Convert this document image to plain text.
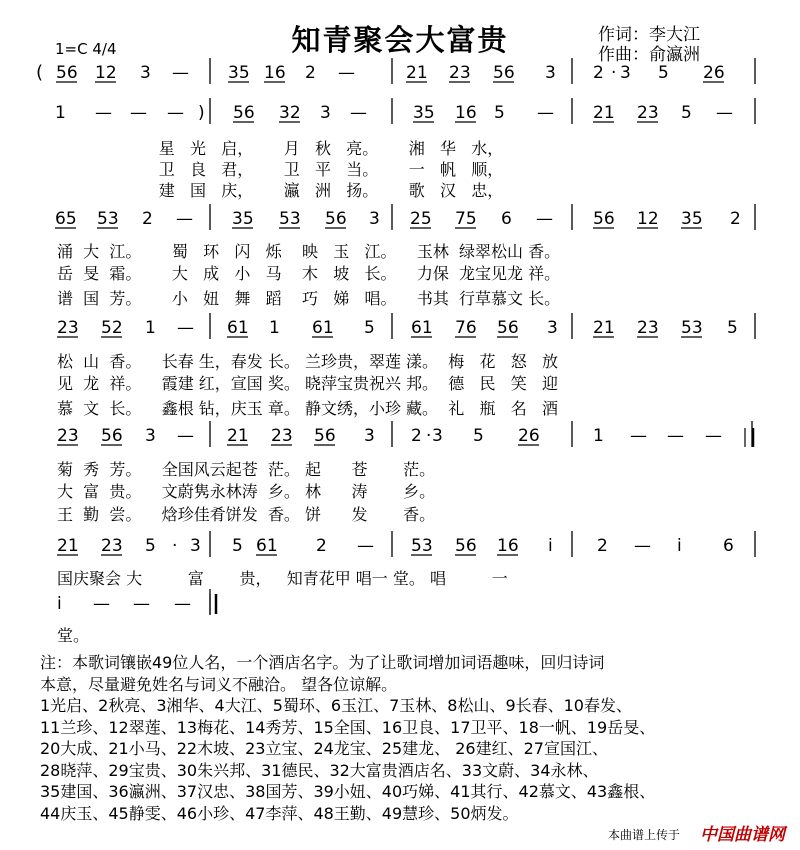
知青聚会大富贵	作词：李大江
作曲：俞瀛洲
1=C 4/4
( 56 12 3 — 35 16 2 —	21 23 56 3 2 · 3 5 26
1 — — — ) 56 32 3 —	35 16 5 — 21 23 5 —
65 53 2 — 35 53 56 3 25 75 6 — 56 12 35 2
23 52 1 — 61 1 61 5 61 76 56 3 21 23 53 5
23 56 3 — 21 23 56 3 2 · 3 5 26	1 — — —
21 23 5 · 3 5 61 2 — 53 56 16 i	2 — i 6
i — — —
星   光   启，      月   秋   亮。      湘   华   水，
卫   良   君，      卫   平   当。      一   帆   顺，
建   国   庆，      瀛   洲   扬。      歌   汉   忠，
涌  大  江。      蜀   环   闪   烁    映   玉   江。    玉林  绿翠松山 香。
岳  旻  霜。      大   成   小   马    木   坡   长。    力保  龙宝见龙 祥。
谱  国  芳。      小   妞   舞   蹈    巧   娣   唱。    书其  行草慕文 长。
松  山  香。    长春 生，春发 长。 兰珍贵，翠莲 漾。  梅   花   怒   放
见  龙  祥。    霞建 红，宣国 奖。 晓萍宝贵祝兴 邦。  德   民   笑   迎
慕  文  长。    鑫根 钻，庆玉 章。 静文绣，小珍 藏。  礼   瓶   名   酒
菊  秀  芳。    全国风云起苍  茫。 起      苍       茫。
大  富  贵。    文蔚隽永林涛  乡。 林      涛       乡。
王  勤  尝。    焓珍佳肴饼发  香。 饼      发       香。
国庆聚会 大         富       贵，   知青花甲 唱一 堂。 唱         一
堂。
注：本歌词镶嵌49位人名，一个酒店名字。为了让歌词增加词语趣味，回归诗词
本意，尽量避免姓名与词义不融洽。 望各位谅解。
1光启、2秋亮、3湘华、4大江、5蜀环、6玉江、7玉林、8松山、9长春、10春发、
11兰珍、12翠莲、13梅花、14秀芳、15全国、16卫良、17卫平、18一帆、19岳旻、
20大成、21小马、22木坡、23立宝、24龙宝、25建龙、 26建红、27宣国江、
28晓萍、29宝贵、30朱兴邦、31德民、32大富贵酒店名、33文蔚、34永林、
35建国、36瀛洲、37汉忠、38国芳、39小妞、40巧娣、41其行、42慕文、43鑫根、
44庆玉、45静雯、46小珍、47李萍、48王勤、49慧珍、50炳发。
本曲谱上传于 中国曲谱网
